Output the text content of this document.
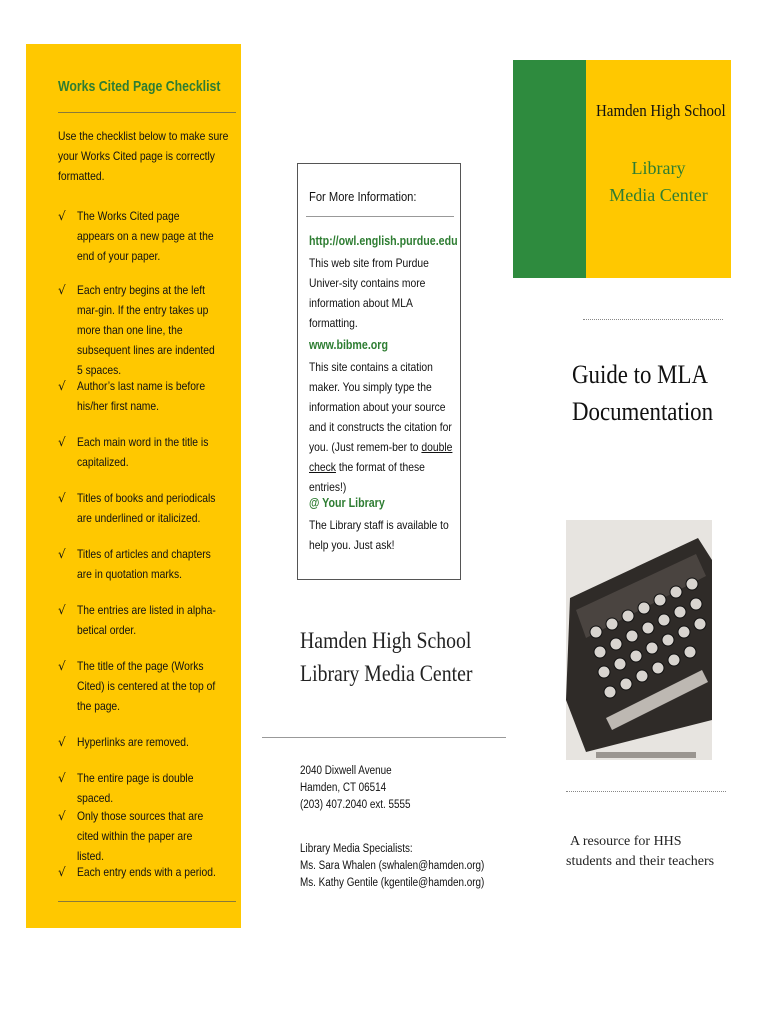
Works Cited Page Checklist
Use the checklist below to make sure your Works Cited page is correctly formatted.
√ The Works Cited page appears on a new page at the end of your paper.
√ Each entry begins at the left mar-gin. If the entry takes up more than one line, the subsequent lines are indented 5 spaces.
√ Author’s last name is before his/her first name.
√ Each main word in the title is capitalized.
√ Titles of books and periodicals are underlined or italicized.
√ Titles of articles and chapters are in quotation marks.
√ The entries are listed in alpha-betical order.
√ The title of the page (Works Cited) is centered at the top of the page.
√ Hyperlinks are removed.
√ The entire page is double spaced.
√ Only those sources that are cited within the paper are listed.
√ Each entry ends with a period.
For More Information:
http://owl.english.purdue.edu
This web site from Purdue Univer-sity contains more information about MLA formatting.
www.bibme.org
This site contains a citation maker. You simply type the information about your source and it constructs the citation for you. (Just remem-ber to double check the format of these entries!)
@ Your Library
The Library staff is available to help you. Just ask!
Hamden High School
Library Media Center
2040 Dixwell Avenue
Hamden, CT 06514
(203) 407.2040 ext. 5555
Library Media Specialists:
Ms. Sara Whalen (swhalen@hamden.org)
Ms. Kathy Gentile (kgentile@hamden.org)
Hamden High School
Library
Media Center
Guide to MLA
Documentation
A resource for HHS
students and their teachers
